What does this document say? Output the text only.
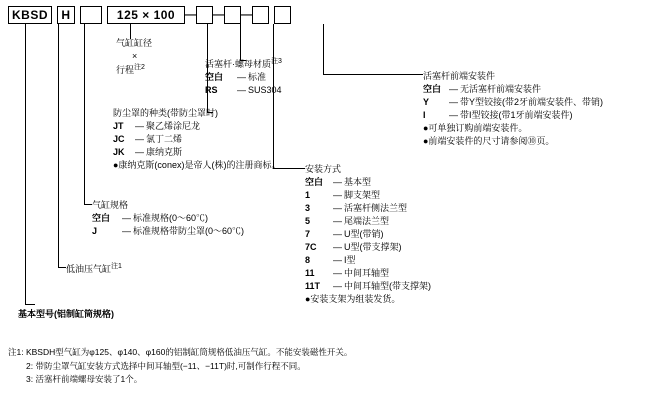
KBSD	H	125 × 100 — — —
气缸缸径
×
行程$^{注2}$	活塞杆·螺母材质$^{注3}$
空白	— 标准
RS	— SUS304
活塞杆前端安装件
空白 — 无活塞杆前端安装件
Y	— 带Y型铰接(带2牙前端安装件、带销)
I	— 带I型铰接(带1牙前端安装件)
●可单独订购前端安装件。
●前端安装件的尺寸请参阅⑩页。
防尘罩的种类(带防尘罩时)
JT	— 聚乙烯涂尼龙
JC	— 氯丁二烯
JK	— 康纳克斯
●康纳克斯(conex)是帝人(株)的注册商标。	安装方式
空白	— 基本型
1	— 脚支架型
3	— 活塞杆侧法兰型
5	— 尾端法兰型
7	— U型(带销)
7C	— U型(带支撑架)
8	— I型
11	— 中间耳轴型
11T	— 中间耳轴型(带支撑架)
●安装支架为组装发货。
气缸规格
空白	— 标准规格(0～60℃)
J	— 标准规格带防尘罩(0～60℃)
低油压气缸$^{注1}$
基本型号(铝制缸筒规格)
注1: KBSDH型气缸为φ125、φ140、φ160的铝制缸筒规格低油压气缸。不能安装磁性开关。
2: 带防尘罩气缸安装方式选择中间耳轴型(−11、−11T)时,可制作行程不同。
3: 活塞杆前端螺母安装了1个。
